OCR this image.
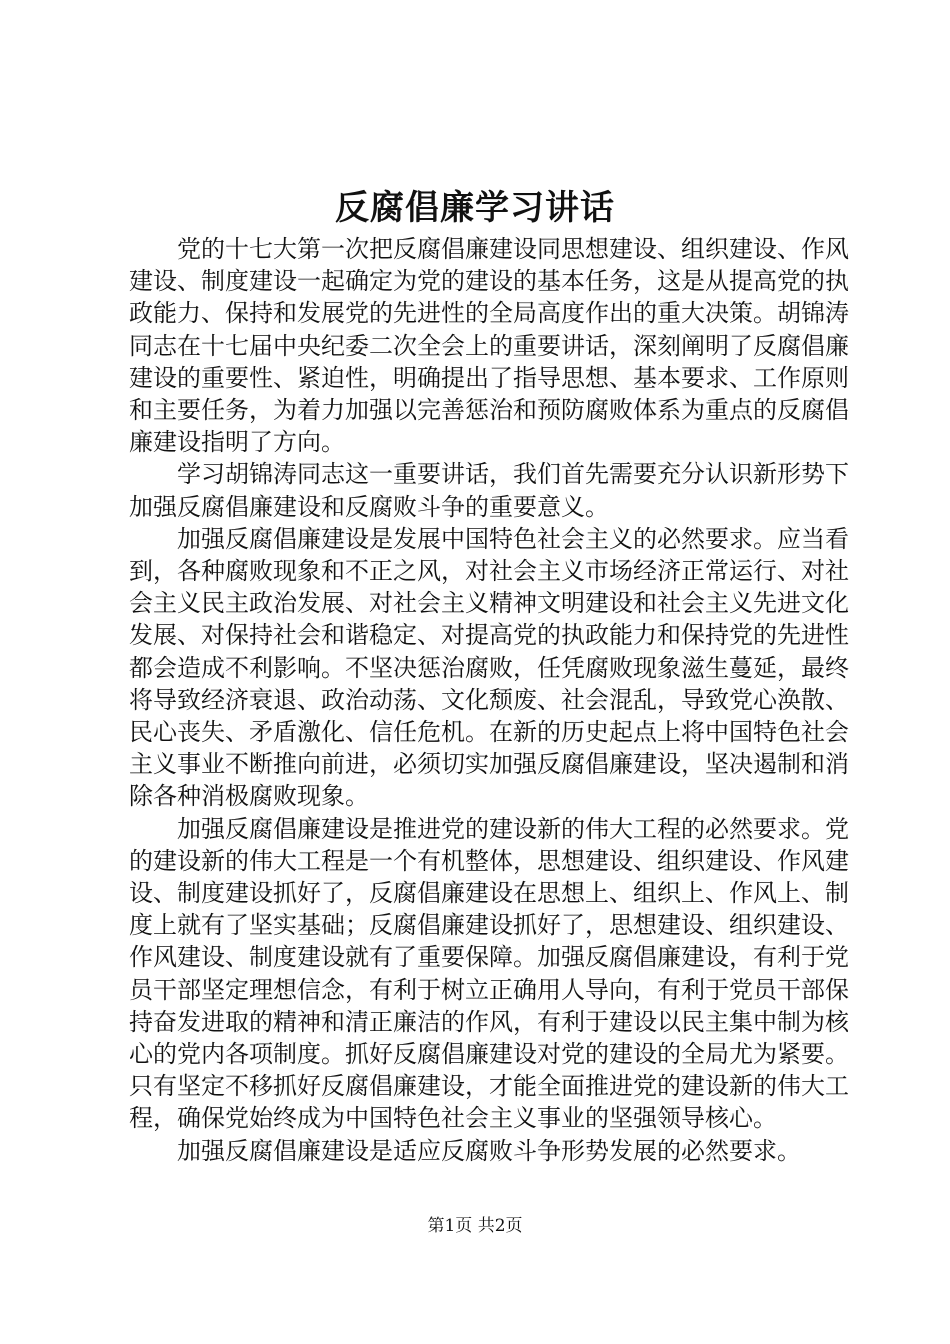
反腐倡廉学习讲话

党的十七大第一次把反腐倡廉建设同思想建设、组织建设、作风建设、制度建设一起确定为党的建设的基本任务，这是从提高党的执政能力、保持和发展党的先进性的全局高度作出的重大决策。胡锦涛同志在十七届中央纪委二次全会上的重要讲话，深刻阐明了反腐倡廉建设的重要性、紧迫性，明确提出了指导思想、基本要求、工作原则和主要任务，为着力加强以完善惩治和预防腐败体系为重点的反腐倡廉建设指明了方向。

学习胡锦涛同志这一重要讲话，我们首先需要充分认识新形势下加强反腐倡廉建设和反腐败斗争的重要意义。

加强反腐倡廉建设是发展中国特色社会主义的必然要求。应当看到，各种腐败现象和不正之风，对社会主义市场经济正常运行、对社会主义民主政治发展、对社会主义精神文明建设和社会主义先进文化发展、对保持社会和谐稳定、对提高党的执政能力和保持党的先进性都会造成不利影响。不坚决惩治腐败，任凭腐败现象滋生蔓延，最终将导致经济衰退、政治动荡、文化颓废、社会混乱，导致党心涣散、民心丧失、矛盾激化、信任危机。在新的历史起点上将中国特色社会主义事业不断推向前进，必须切实加强反腐倡廉建设，坚决遏制和消除各种消极腐败现象。

加强反腐倡廉建设是推进党的建设新的伟大工程的必然要求。党的建设新的伟大工程是一个有机整体，思想建设、组织建设、作风建设、制度建设抓好了，反腐倡廉建设在思想上、组织上、作风上、制度上就有了坚实基础；反腐倡廉建设抓好了，思想建设、组织建设、作风建设、制度建设就有了重要保障。加强反腐倡廉建设，有利于党员干部坚定理想信念，有利于树立正确用人导向，有利于党员干部保持奋发进取的精神和清正廉洁的作风，有利于建设以民主集中制为核心的党内各项制度。抓好反腐倡廉建设对党的建设的全局尤为紧要。只有坚定不移抓好反腐倡廉建设，才能全面推进党的建设新的伟大工程，确保党始终成为中国特色社会主义事业的坚强领导核心。

加强反腐倡廉建设是适应反腐败斗争形势发展的必然要求。

第1页 共2页
